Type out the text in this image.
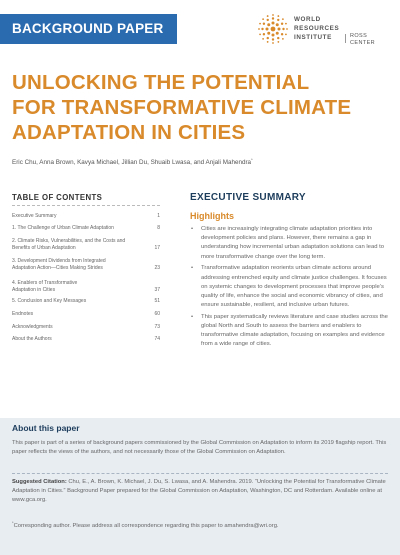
BACKGROUND PAPER
WORLD
RESOURCES
INSTITUTE	ROSS
CENTER
UNLOCKING THE POTENTIAL
FOR TRANSFORMATIVE CLIMATE
ADAPTATION IN CITIES
Eric Chu, Anna Brown, Kavya Michael, Jillian Du, Shuaib Lwasa, and Anjali Mahendra*
TABLE OF CONTENTS
Executive Summary	1
1. The Challenge of Urban Climate Adaptation	8
2. Climate Risks, Vulnerabilities, and the Costs and Benefits of Urban Adaptation	17
3. Development Dividends from Integrated Adaptation Action—Cities Making Strides	23
4. Enablers of Transformative Adaptation in Cities	37
5. Conclusion and Key Messages	51
Endnotes	60
Acknowledgments	73
About the Authors	74
EXECUTIVE SUMMARY
Highlights
• Cities are increasingly integrating climate adaptation priorities into development policies and plans. However, there remains a gap in understanding how incremental urban adaptation solutions can lead to more transformative change over the long term.
• Transformative adaptation reorients urban climate actions around addressing entrenched equity and climate justice challenges. It focuses on systemic changes to development processes that improve people’s quality of life, enhance the social and economic vibrancy of cities, and ensure sustainable, resilient, and inclusive urban futures.
• This paper systematically reviews literature and case studies across the global North and South to assess the barriers and enablers to transformative climate adaptation, focusing on examples and evidence from a wide range of cities.
About this paper
This paper is part of a series of background papers commissioned by the Global Commission on Adaptation to inform its 2019 flagship report. This paper reflects the views of the authors, and not necessarily those of the Global Commission on Adaptation.
Suggested Citation: Chu, E., A. Brown, K. Michael, J. Du, S. Lwasa, and A. Mahendra. 2019. “Unlocking the Potential for Transformative Climate Adaptation in Cities.” Background Paper prepared for the Global Commission on Adaptation, Washington, DC and Rotterdam. Available online at www.gca.org.
*Corresponding author. Please address all correspondence regarding this paper to amahendra@wri.org.
